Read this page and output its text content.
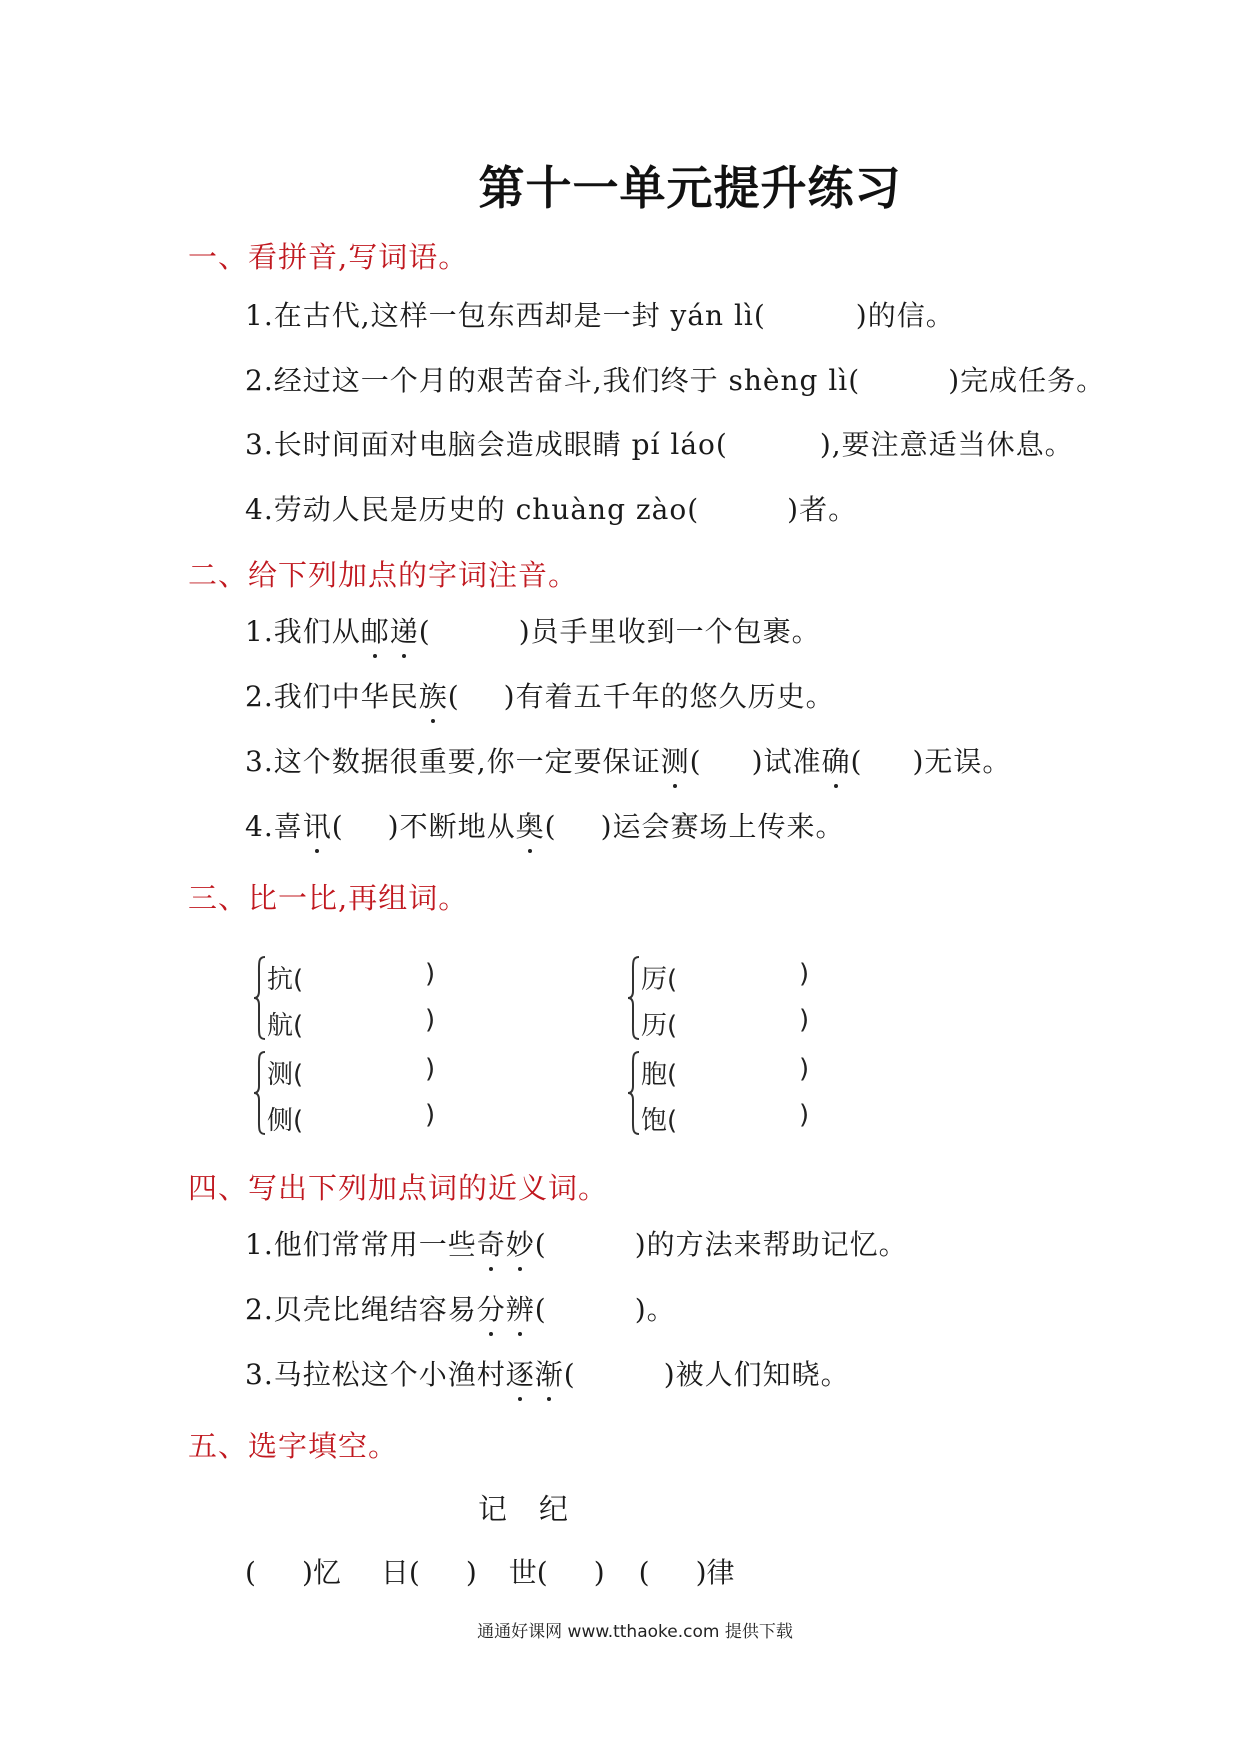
第十一单元提升练习
一、看拼音,写词语。
1.在古代,这样一包东西却是一封 yán lì(	)的信。
2.经过这一个月的艰苦奋斗,我们终于 shèng lì(	)完成任务。
3.长时间面对电脑会造成眼睛 pí láo(	),要注意适当休息。
4.劳动人民是历史的 chuàng zào(	)者。
二、给下列加点的字词注音。
1.我们从邮递(	)员手里收到一个包裹。
2.我们中华民族( )有着五千年的悠久历史。
3.这个数据很重要,你一定要保证测( )试准确( )无误。
4.喜讯( )不断地从奥( )运会赛场上传来。
三、比一比,再组词。
抗(	)
航(	)
厉(	)
历(	)
测(	)
侧(	)
胞(	)
饱(	)
四、写出下列加点词的近义词。
1.他们常常用一些奇妙(	)的方法来帮助记忆。
2.贝壳比绳结容易分辨(	)。
3.马拉松这个小渔村逐渐(	)被人们知晓。
五、选字填空。
记 纪
( )忆 日( ) 世( ) ( )律
通通好课网 www.tthaoke.com 提供下载
